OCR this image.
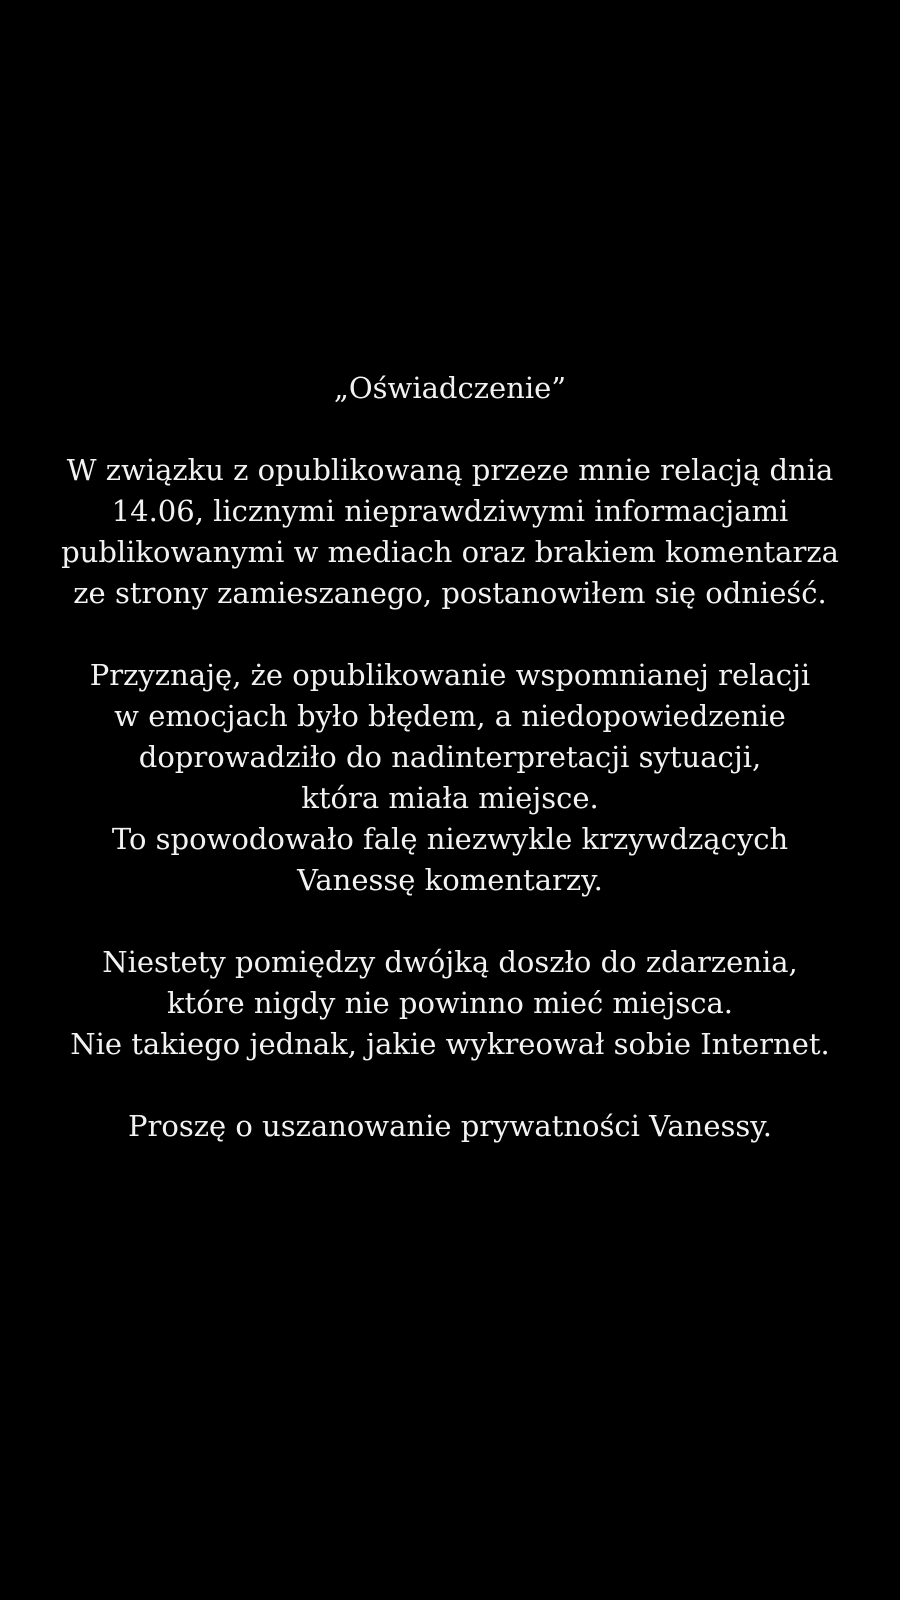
„Oświadczenie”
W związku z opublikowaną przeze mnie relacją dnia
14.06, licznymi nieprawdziwymi informacjami
publikowanymi w mediach oraz brakiem komentarza
ze strony zamieszanego, postanowiłem się odnieść.
Przyznaję, że opublikowanie wspomnianej relacji
w emocjach było błędem, a niedopowiedzenie
doprowadziło do nadinterpretacji sytuacji,
która miała miejsce.
To spowodowało falę niezwykle krzywdzących
Vanessę komentarzy.
Niestety pomiędzy dwójką doszło do zdarzenia,
które nigdy nie powinno mieć miejsca.
Nie takiego jednak, jakie wykreował sobie Internet.
Proszę o uszanowanie prywatności Vanessy.
